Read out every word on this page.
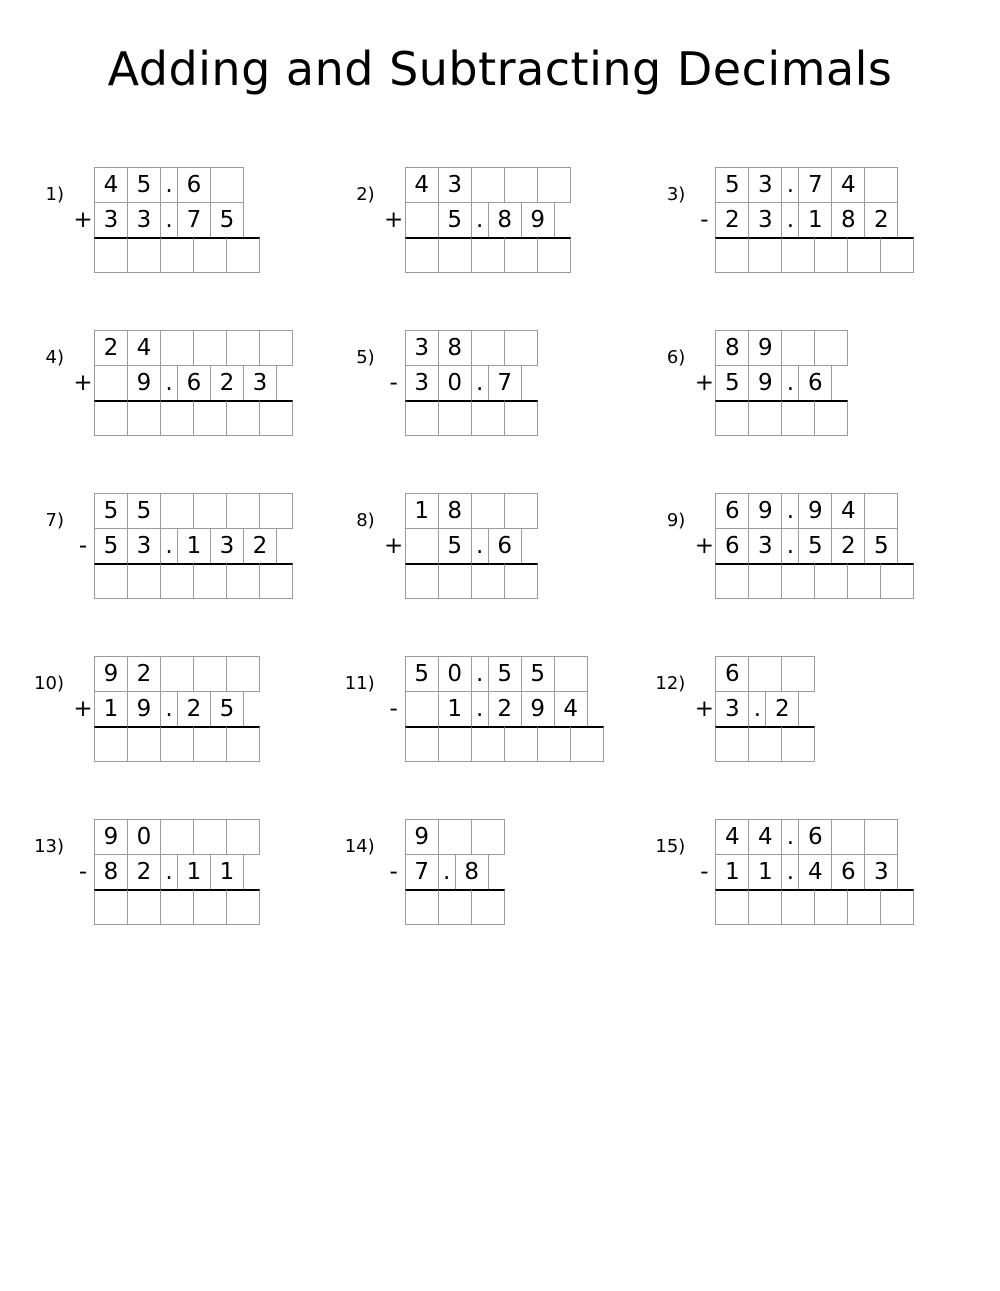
Adding and Subtracting Decimals
1)	4 5 . 6
+ 3 3 . 7 5
2)	4 3
+	5 . 8 9
3)	5 3 . 7 4
- 2 3 . 1 8 2
4)	2 4
+	9 . 6 2 3
5)	3 8
- 3 0 . 7
6)	8 9
+ 5 9 . 6
7)	5 5
- 5 3 . 1 3 2
8)	1 8
+	5 . 6
9)	6 9 . 9 4
+ 6 3 . 5 2 5
10)	9 2
+ 1 9 . 2 5
11)	5 0 . 5 5
-	1 . 2 9 4
12)	6
+ 3 . 2
13)	9 0
- 8 2 . 1 1
14)	9
- 7 . 8
15)	4 4 . 6
- 1 1 . 4 6 3
